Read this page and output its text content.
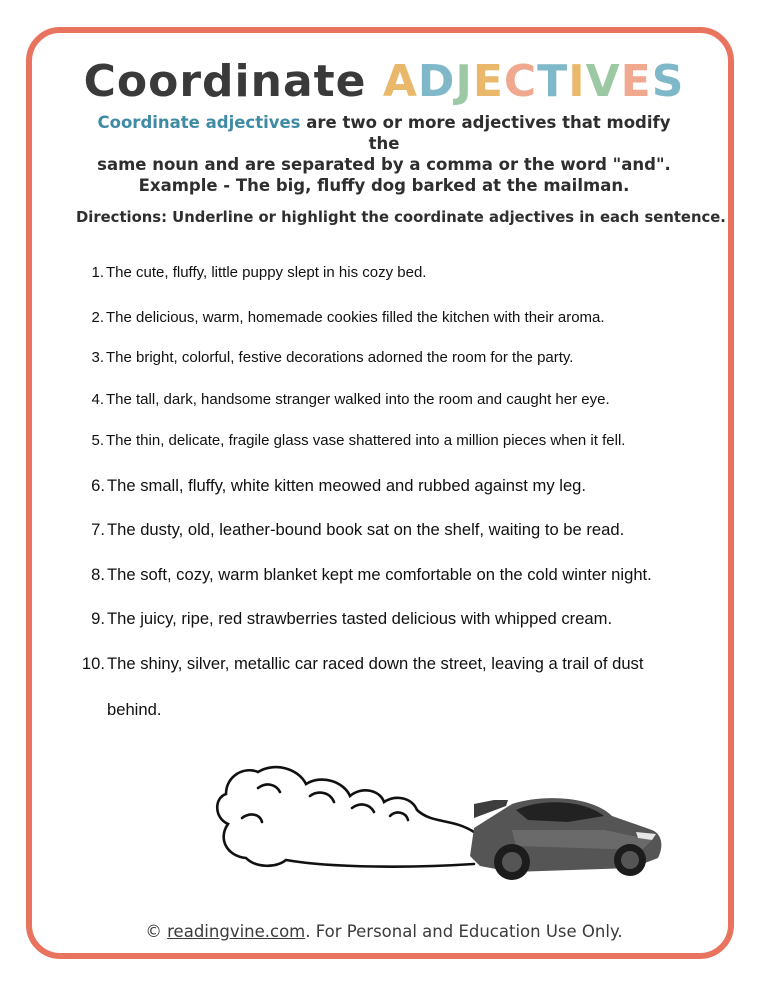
Coordinate ADJECTIVES
Coordinate adjectives are two or more adjectives that modify the
same noun and are separated by a comma or the word "and".
Example - The big, fluffy dog barked at the mailman.
Directions: Underline or highlight the coordinate adjectives in each sentence.
1. The cute, fluffy, little puppy slept in his cozy bed.
2. The delicious, warm, homemade cookies filled the kitchen with their aroma.
3. The bright, colorful, festive decorations adorned the room for the party.
4. The tall, dark, handsome stranger walked into the room and caught her eye.
5. The thin, delicate, fragile glass vase shattered into a million pieces when it fell.
6. The small, fluffy, white kitten meowed and rubbed against my leg.
7. The dusty, old, leather-bound book sat on the shelf, waiting to be read.
8. The soft, cozy, warm blanket kept me comfortable on the cold winter night.
9. The juicy, ripe, red strawberries tasted delicious with whipped cream.
10. The shiny, silver, metallic car raced down the street, leaving a trail of dust
behind.
© readingvine.com. For Personal and Education Use Only.
